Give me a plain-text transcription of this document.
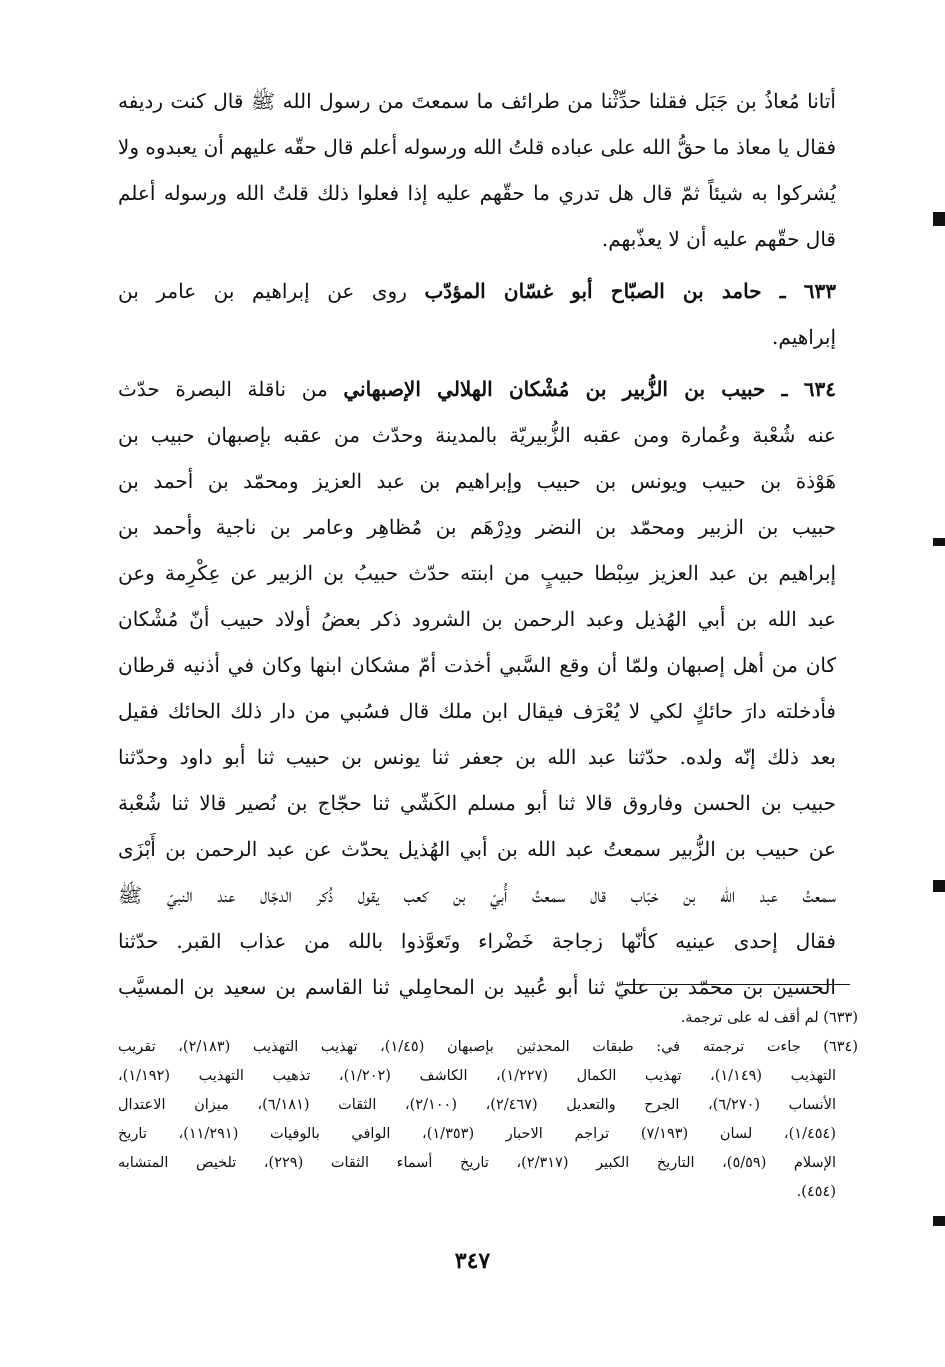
أتانا مُعاذُ بن جَبَل فقلنا حدِّثْنا من طرائف ما سمعتَ من رسول الله ﷺ قال كنت رديفه
فقال يا معاذ ما حقُّ الله على عباده قلتُ الله ورسوله أعلم قال حقّه عليهم أن يعبدوه ولا
يُشركوا به شيئاً ثمّ قال هل تدري ما حقّهم عليه إذا فعلوا ذلك قلتُ الله ورسوله أعلم
قال حقّهم عليه أن لا يعذّبهم.
٦٣٣ ـ حامد بن الصبّاح أبو غسّان المؤدّب روى عن إبراهيم بن عامر بن
إبراهيم.
٦٣٤ ـ حبيب بن الزُّبير بن مُشْكان الهلالي الإصبهاني من ناقلة البصرة حدّث
عنه شُعْبة وعُمارة ومن عقبه الزُّبيريّة بالمدينة وحدّث من عقبه بإصبهان حبيب بن
هَوْذة بن حبيب ويونس بن حبيب وإبراهيم بن عبد العزيز ومحمّد بن أحمد بن
حبيب بن الزبير ومحمّد بن النضر ودِرْهَم بن مُظاهِر وعامر بن ناجية وأحمد بن
إبراهيم بن عبد العزيز سِبْطا حبيبٍ من ابنته حدّث حبيبُ بن الزبير عن عِكْرِمة وعن
عبد الله بن أبي الهُذيل وعبد الرحمن بن الشرود ذكر بعضُ أولاد حبيب أنّ مُشْكان
كان من أهل إصبهان ولمّا أن وقع السَّبي أخذت أمّ مشكان ابنها وكان في أذنيه قرطان
فأدخلته دارَ حائكٍ لكي لا يُعْرَف فيقال ابن ملك قال فسُبي من دار ذلك الحائك فقيل
بعد ذلك إنّه ولده. حدّثنا عبد الله بن جعفر ثنا يونس بن حبيب ثنا أبو داود وحدّثنا
حبيب بن الحسن وفاروق قالا ثنا أبو مسلم الكَشّي ثنا حجّاج بن نُصير قالا ثنا شُعْبة
عن حبيب بن الزُّبير سمعتُ عبد الله بن أبي الهُذيل يحدّث عن عبد الرحمن بن أَبْزَى
سمعتُ عبد الله بن خبّاب قال سمعتُ أُبيّ بن كعب يقول ذُكر الدجّال عند النبيّ ﷺ
فقال إحدى عينيه كأنّها زجاجة خَضْراء وتَعوَّذوا بالله من عذاب القبر. حدّثنا
الحسين بن محمّد بن عليّ ثنا أبو عُبيد بن المحامِلي ثنا القاسم بن سعيد بن المسيَّب
(٦٣٣) لم أقف له على ترجمة.
(٦٣٤) جاءت ترجمته في: طبقات المحدثين بإصبهان (١/٤٥)، تهذيب التهذيب (٢/١٨٣)، تقريب
التهذيب (١/١٤٩)، تهذيب الكمال (١/٢٢٧)، الكاشف (١/٢٠٢)، تذهيب التهذيب (١/١٩٢)،
الأنساب (٦/٢٧٠)، الجرح والتعديل (٢/٤٦٧)، (٢/١٠٠)، الثقات (٦/١٨١)، ميزان الاعتدال
(١/٤٥٤)، لسان (٧/١٩٣) تراجم الاحبار (١/٣٥٣)، الوافي بالوفيات (١١/٢٩١)، تاريخ
الإسلام (٥/٥٩)، التاريخ الكبير (٢/٣١٧)، تاريخ أسماء الثقات (٢٢٩)، تلخيص المتشابه
(٤٥٤).
٣٤٧
